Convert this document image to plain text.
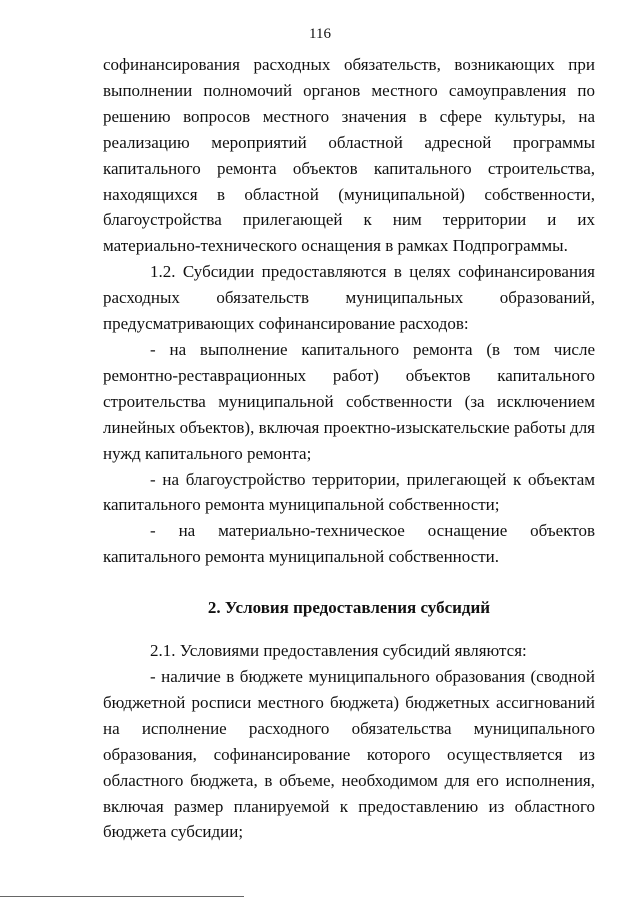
116

софинансирования расходных обязательств, возникающих при выполнении полномочий органов местного самоуправления по решению вопросов местного значения в сфере культуры, на реализацию мероприятий областной адресной программы капитального ремонта объектов капитального строительства, находящихся в областной (муниципальной) собственности, благоустройства прилегающей к ним территории и их материально-технического оснащения в рамках Подпрограммы.

1.2. Субсидии предоставляются в целях софинансирования расходных обязательств муниципальных образований, предусматривающих софинансирование расходов:

- на выполнение капитального ремонта (в том числе ремонтно-реставрационных работ) объектов капитального строительства муниципальной собственности (за исключением линейных объектов), включая проектно-изыскательские работы для нужд капитального ремонта;

- на благоустройство территории, прилегающей к объектам капитального ремонта муниципальной собственности;

- на материально-техническое оснащение объектов капитального ремонта муниципальной собственности.

2. Условия предоставления субсидий

2.1. Условиями предоставления субсидий являются:

- наличие в бюджете муниципального образования (сводной бюджетной росписи местного бюджета) бюджетных ассигнований на исполнение расходного обязательства муниципального образования, софинансирование которого осуществляется из областного бюджета, в объеме, необходимом для его исполнения, включая размер планируемой к предоставлению из областного бюджета субсидии;
